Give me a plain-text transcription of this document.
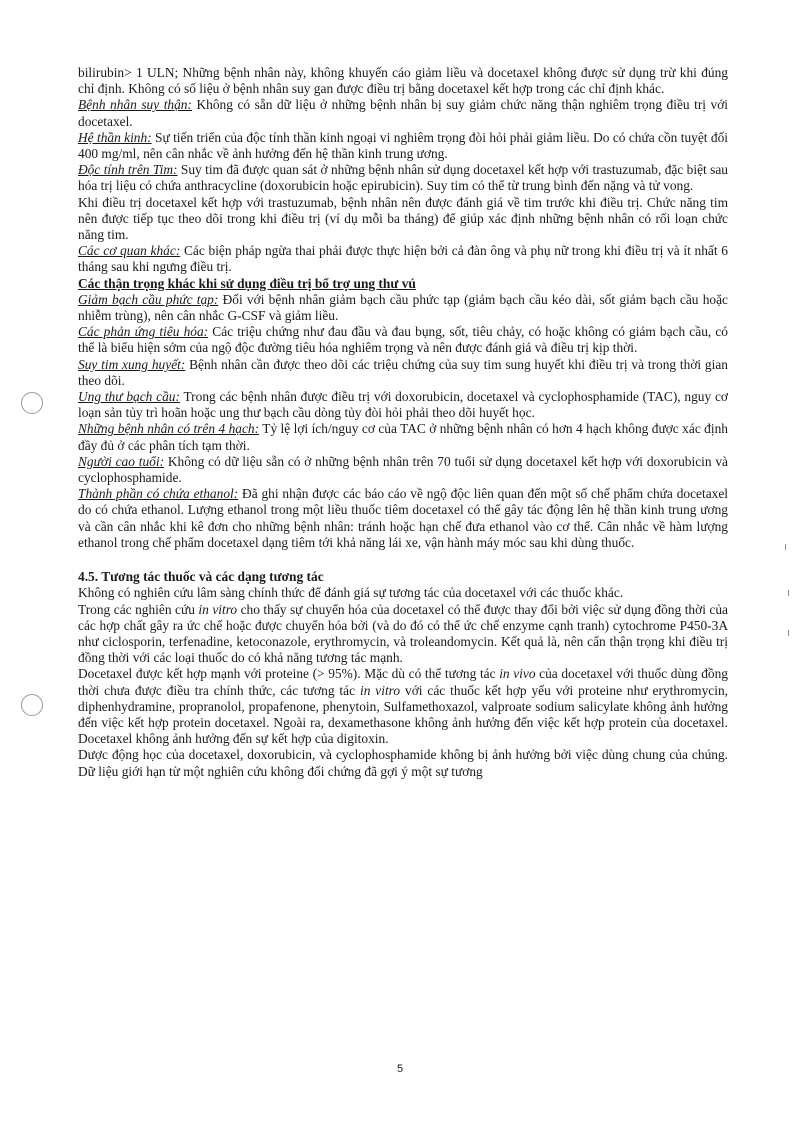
ı
ı
ı

bilirubin> 1 ULN; Những bệnh nhân này, không khuyến cáo giảm liều và docetaxel không được sử dụng trừ khi đúng chỉ định. Không có số liệu ở bệnh nhân suy gan được điều trị bằng docetaxel kết hợp trong các chỉ định khác.

Bệnh nhân suy thận: Không có sẵn dữ liệu ở những bệnh nhân bị suy giảm chức năng thận nghiêm trọng điều trị với docetaxel.

Hệ thần kinh: Sự tiến triển của độc tính thần kinh ngoại vi nghiêm trọng đòi hỏi phải giảm liều. Do có chứa cồn tuyệt đối 400 mg/ml, nên cân nhắc về ảnh hưởng đến hệ thần kinh trung ương.

Độc tính trên Tim: Suy tim đã được quan sát ở những bệnh nhân sử dụng docetaxel kết hợp với trastuzumab, đặc biệt sau hóa trị liệu có chứa anthracycline (doxorubicin hoặc epirubicin). Suy tim có thể từ trung bình đến nặng và tử vong.

Khi điều trị docetaxel kết hợp với trastuzumab, bệnh nhân nên được đánh giá về tim trước khi điều trị. Chức năng tim nên được tiếp tục theo dõi trong khi điều trị (ví dụ mỗi ba tháng) để giúp xác định những bệnh nhân có rối loạn chức năng tim.

Các cơ quan khác: Các biện pháp ngừa thai phải được thực hiện bởi cả đàn ông và phụ nữ trong khi điều trị và ít nhất 6 tháng sau khi ngưng điều trị.

Các thận trọng khác khi sử dụng điều trị bổ trợ ung thư vú

Giảm bạch cầu phức tạp: Đối với bệnh nhân giảm bạch cầu phức tạp (giảm bạch cầu kéo dài, sốt giảm bạch cầu hoặc nhiễm trùng), nên cân nhắc G-CSF và giảm liều.

Các phản ứng tiêu hóa: Các triệu chứng như đau đầu và đau bụng, sốt, tiêu chảy, có hoặc không có giảm bạch cầu, có thể là biểu hiện sớm của ngộ độc đường tiêu hóa nghiêm trọng và nên được đánh giá và điều trị kịp thời.

Suy tim xung huyết: Bệnh nhân cần được theo dõi các triệu chứng của suy tim sung huyết khi điều trị và trong thời gian theo dõi.

Ung thư bạch cầu: Trong các bệnh nhân được điều trị với doxorubicin, docetaxel và cyclophosphamide (TAC), nguy cơ loạn sản tủy trì hoãn hoặc ung thư bạch cầu dòng tủy đòi hỏi phải theo dõi huyết học.

Những bệnh nhân có trên 4 hạch: Tỷ lệ lợi ích/nguy cơ của TAC ở những bệnh nhân có hơn 4 hạch không được xác định đầy đủ ở các phân tích tạm thời.

Người cao tuổi: Không có dữ liệu sẵn có ở những bệnh nhân trên 70 tuổi sử dụng docetaxel kết hợp với doxorubicin và cyclophosphamide.

Thành phần có chứa ethanol: Đã ghi nhận được các báo cáo về ngộ độc liên quan đến một số chế phẩm chứa docetaxel do có chứa ethanol. Lượng ethanol trong một liều thuốc tiêm docetaxel có thể gây tác động lên hệ thần kinh trung ương và cần cân nhắc khi kê đơn cho những bệnh nhân: tránh hoặc hạn chế đưa ethanol vào cơ thể. Cân nhắc về hàm lượng ethanol trong chế phẩm docetaxel dạng tiêm tới khả năng lái xe, vận hành máy móc sau khi dùng thuốc.

4.5. Tương tác thuốc và các dạng tương tác

Không có nghiên cứu lâm sàng chính thức để đánh giá sự tương tác của docetaxel với các thuốc khác.

Trong các nghiên cứu in vitro cho thấy sự chuyển hóa của docetaxel có thể được thay đổi bởi việc sử dụng đồng thời của các hợp chất gây ra ức chế hoặc được chuyển hóa bởi (và do đó có thể ức chế enzyme cạnh tranh) cytochrome P450-3A như ciclosporin, terfenadine, ketoconazole, erythromycin, và troleandomycin. Kết quả là, nên cẩn thận trọng khi điều trị đồng thời với các loại thuốc do có khả năng tương tác mạnh.

Docetaxel được kết hợp mạnh với proteine (> 95%). Mặc dù có thể tương tác in vivo của docetaxel với thuốc dùng đồng thời chưa được điều tra chính thức, các tương tác in vitro với các thuốc kết hợp yếu với proteine như erythromycin, diphenhydramine, propranolol, propafenone, phenytoin, Sulfamethoxazol, valproate sodium salicylate không ảnh hưởng đến việc kết hợp protein docetaxel. Ngoài ra, dexamethasone không ảnh hưởng đến việc kết hợp protein của docetaxel. Docetaxel không ảnh hưởng đến sự kết hợp của digitoxin.

Dược động học của docetaxel, doxorubicin, và cyclophosphamide không bị ảnh hưởng bởi việc dùng chung của chúng. Dữ liệu giới hạn từ một nghiên cứu không đối chứng đã gợi ý một sự tương

5
